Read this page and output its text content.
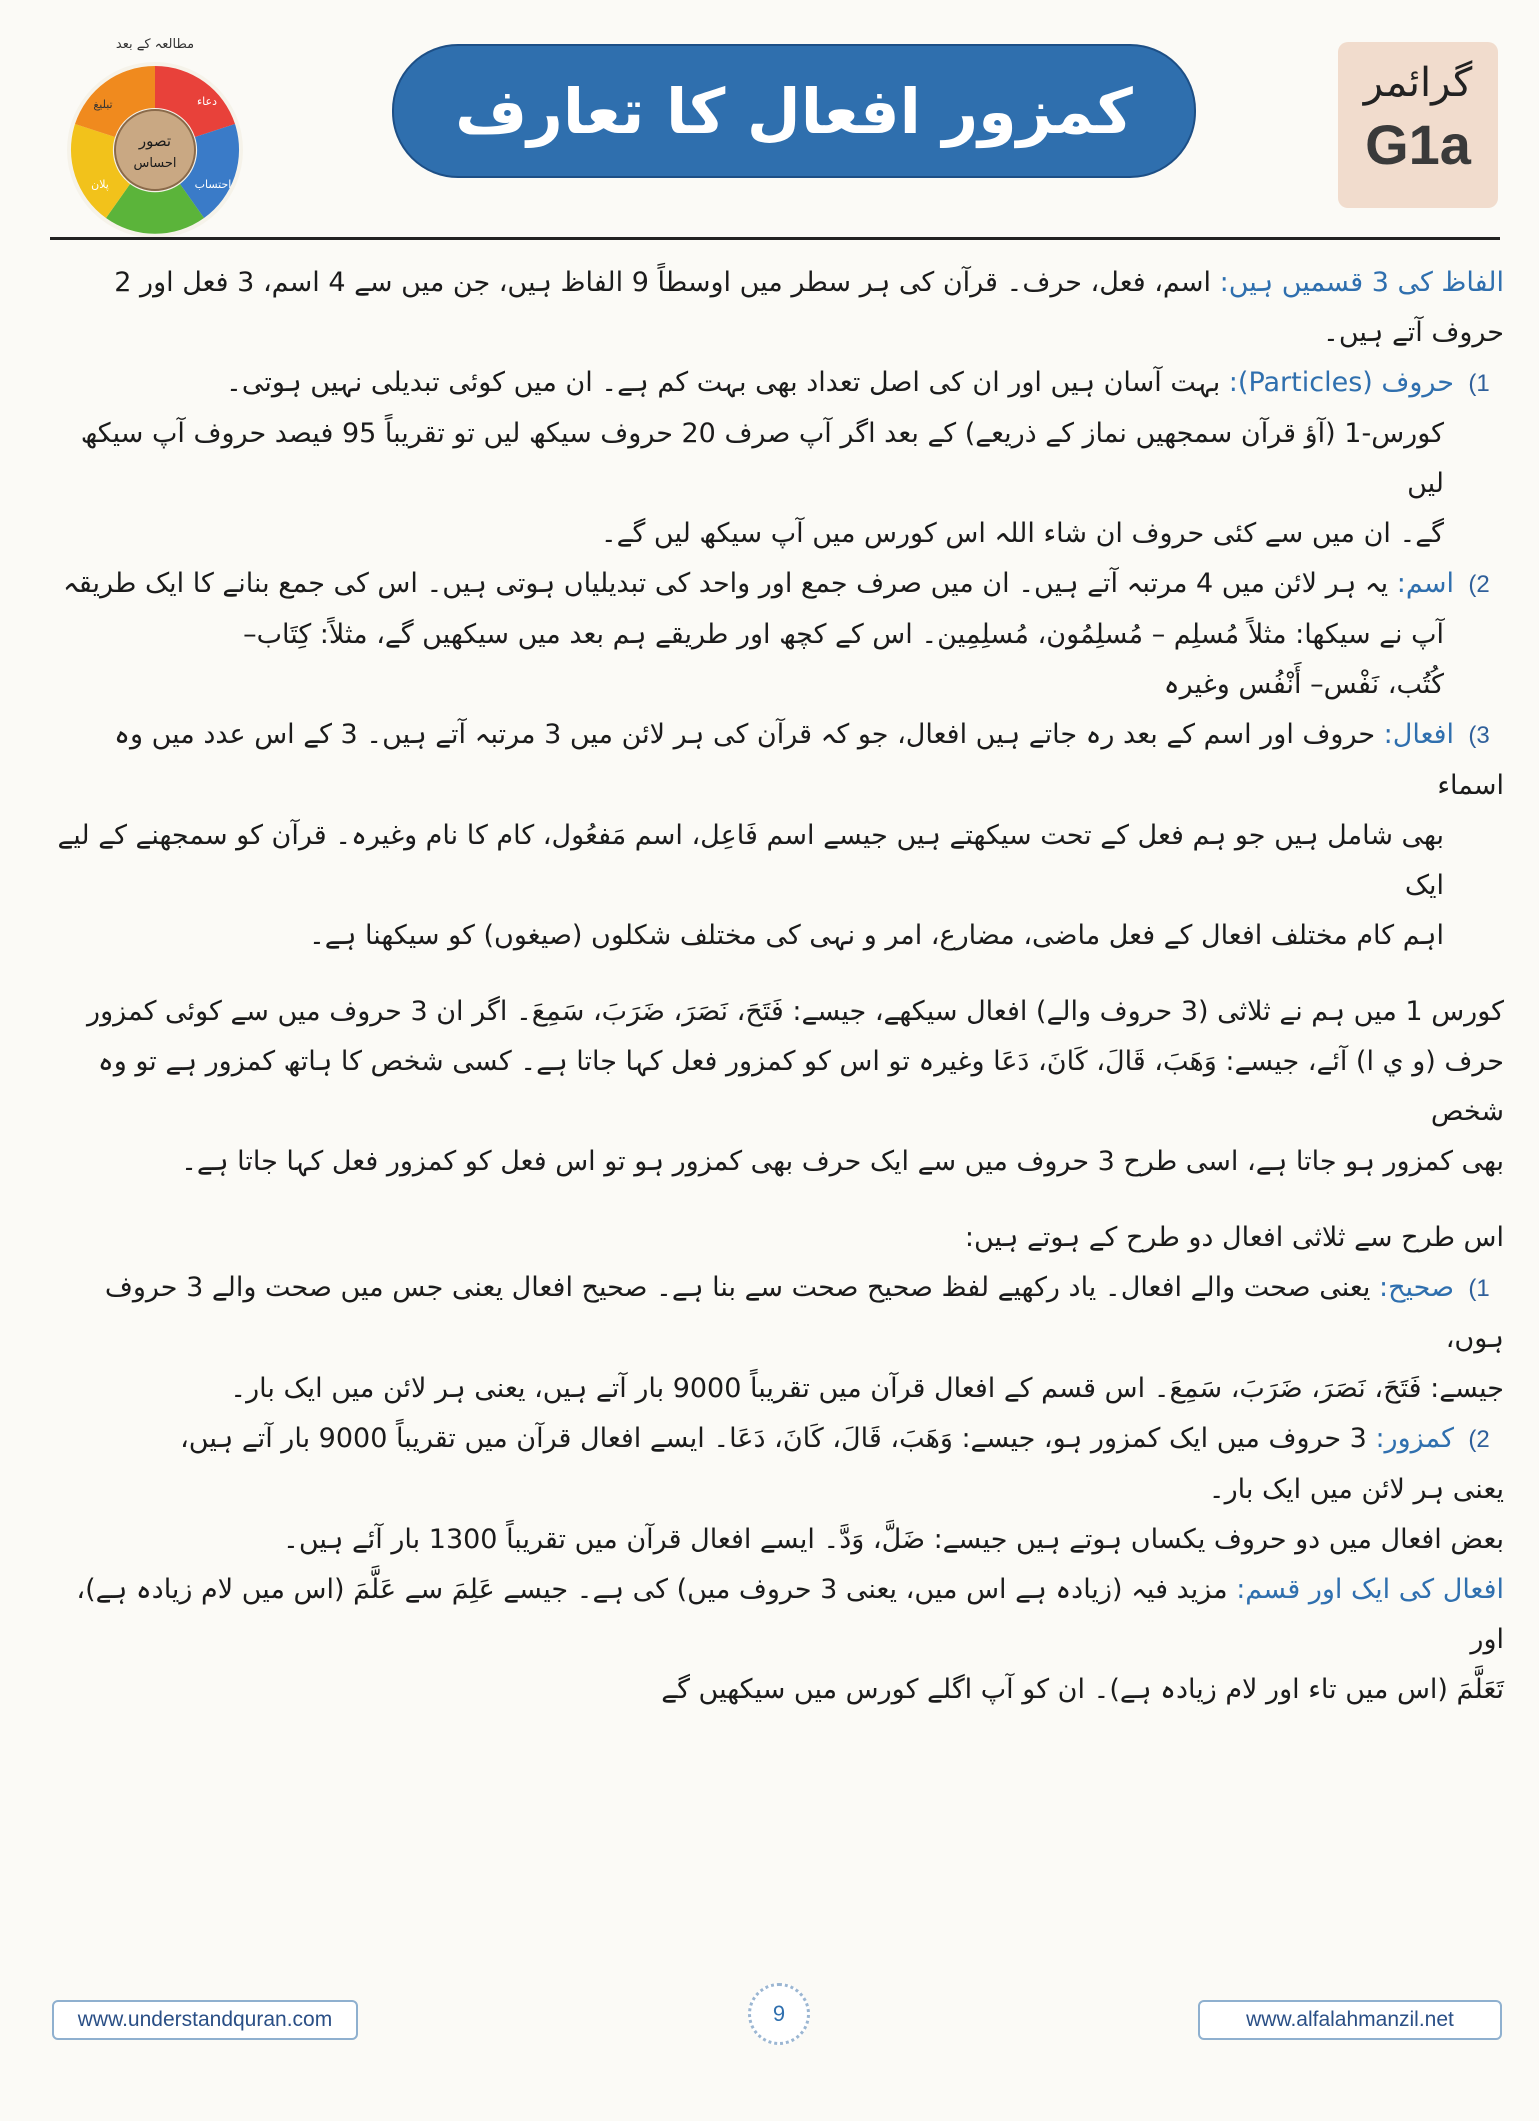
مطالعہ کے بعد
تصور
احساس
دعاء
احتساب
پلان
تبلیغ	کمزور افعال کا تعارف	گرائمر
G1a

الفاظ کی 3 قسمیں ہیں: اسم، فعل، حرف۔ قرآن کی ہر سطر میں اوسطاً 9 الفاظ ہیں، جن میں سے 4 اسم، 3 فعل اور 2 حروف آتے ہیں۔

1)حروف (Particles): بہت آسان ہیں اور ان کی اصل تعداد بھی بہت کم ہے۔ ان میں کوئی تبدیلی نہیں ہوتی۔

کورس-1 (آؤ قرآن سمجھیں نماز کے ذریعے) کے بعد اگر آپ صرف 20 حروف سیکھ لیں تو تقریباً 95 فیصد حروف آپ سیکھ لیں

گے۔ ان میں سے کئی حروف ان شاء اللہ اس کورس میں آپ سیکھ لیں گے۔

2)اسم: یہ ہر لائن میں 4 مرتبہ آتے ہیں۔ ان میں صرف جمع اور واحد کی تبدیلیاں ہوتی ہیں۔ اس کی جمع بنانے کا ایک طریقہ

آپ نے سیکھا: مثلاً مُسلِم – مُسلِمُون، مُسلِمِین۔ اس کے کچھ اور طریقے ہم بعد میں سیکھیں گے، مثلاً: کِتَاب–

کُتُب، نَفْس– أَنْفُس وغیرہ

3)افعال: حروف اور اسم کے بعد رہ جاتے ہیں افعال، جو کہ قرآن کی ہر لائن میں 3 مرتبہ آتے ہیں۔ 3 کے اس عدد میں وہ اسماء

بھی شامل ہیں جو ہم فعل کے تحت سیکھتے ہیں جیسے اسم فَاعِل، اسم مَفعُول، کام کا نام وغیرہ۔ قرآن کو سمجھنے کے لیے ایک

اہم کام مختلف افعال کے فعل ماضی، مضارع، امر و نہی کی مختلف شکلوں (صیغوں) کو سیکھنا ہے۔

کورس 1 میں ہم نے ثلاثی (3 حروف والے) افعال سیکھے، جیسے: فَتَحَ، نَصَرَ، ضَرَبَ، سَمِعَ۔ اگر ان 3 حروف میں سے کوئی کمزور

حرف (و ي ا) آئے، جیسے: وَهَبَ، قَالَ، کَانَ، دَعَا وغیرہ تو اس کو کمزور فعل کہا جاتا ہے۔ کسی شخص کا ہاتھ کمزور ہے تو وہ شخص

بھی کمزور ہو جاتا ہے، اسی طرح 3 حروف میں سے ایک حرف بھی کمزور ہو تو اس فعل کو کمزور فعل کہا جاتا ہے۔

اس طرح سے ثلاثی افعال دو طرح کے ہوتے ہیں:

1)صحیح: یعنی صحت والے افعال۔ یاد رکھیے لفظ صحیح صحت سے بنا ہے۔ صحیح افعال یعنی جس میں صحت والے 3 حروف ہوں،

جیسے: فَتَحَ، نَصَرَ، ضَرَبَ، سَمِعَ۔ اس قسم کے افعال قرآن میں تقریباً 9000 بار آتے ہیں، یعنی ہر لائن میں ایک بار۔

2)کمزور: 3 حروف میں ایک کمزور ہو، جیسے: وَهَبَ، قَالَ، کَانَ، دَعَا۔ ایسے افعال قرآن میں تقریباً 9000 بار آتے ہیں،

یعنی ہر لائن میں ایک بار۔

بعض افعال میں دو حروف یکساں ہوتے ہیں جیسے: ضَلَّ، وَدَّ۔ ایسے افعال قرآن میں تقریباً 1300 بار آئے ہیں۔

افعال کی ایک اور قسم: مزید فیہ (زیادہ ہے اس میں، یعنی 3 حروف میں) کی ہے۔ جیسے عَلِمَ سے عَلَّمَ (اس میں لام زیادہ ہے)، اور

تَعَلَّمَ (اس میں تاء اور لام زیادہ ہے)۔ ان کو آپ اگلے کورس میں سیکھیں گے

www.understandquran.com	9	www.alfalahmanzil.net
